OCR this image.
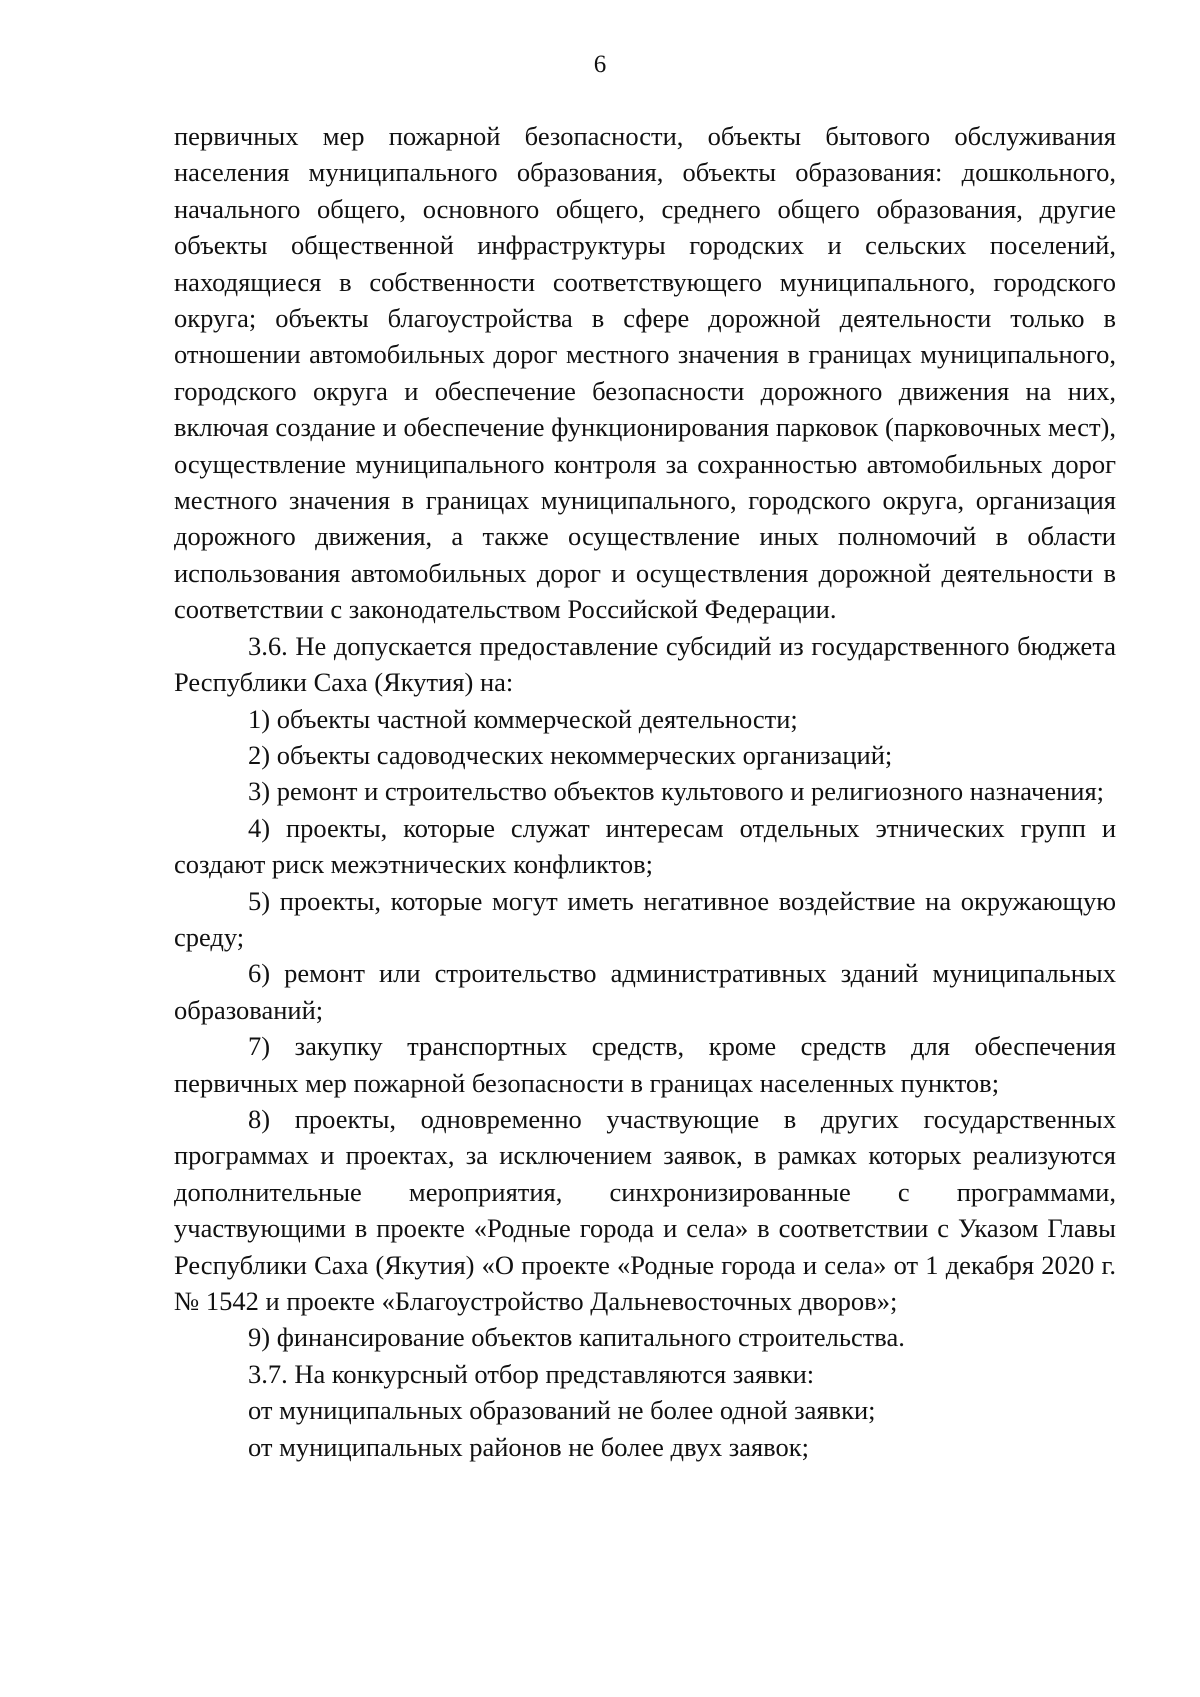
6

первичных мер пожарной безопасности, объекты бытового обслуживания населения муниципального образования, объекты образования: дошкольного, начального общего, основного общего, среднего общего образования, другие объекты общественной инфраструктуры городских и сельских поселений, находящиеся в собственности соответствующего муниципального, городского округа; объекты благоустройства в сфере дорожной деятельности только в отношении автомобильных дорог местного значения в границах муниципального, городского округа и обеспечение безопасности дорожного движения на них, включая создание и обеспечение функционирования парковок (парковочных мест), осуществление муниципального контроля за сохранностью автомобильных дорог местного значения в границах муниципального, городского округа, организация дорожного движения, а также осуществление иных полномочий в области использования автомобильных дорог и осуществления дорожной деятельности в соответствии с законодательством Российской Федерации.

3.6. Не допускается предоставление субсидий из государственного бюджета Республики Саха (Якутия) на:

1) объекты частной коммерческой деятельности;

2) объекты садоводческих некоммерческих организаций;

3) ремонт и строительство объектов культового и религиозного назначения;

4) проекты, которые служат интересам отдельных этнических групп и создают риск межэтнических конфликтов;

5) проекты, которые могут иметь негативное воздействие на окружающую среду;

6) ремонт или строительство административных зданий муниципальных образований;

7) закупку транспортных средств, кроме средств для обеспечения первичных мер пожарной безопасности в границах населенных пунктов;

8) проекты, одновременно участвующие в других государственных программах и проектах, за исключением заявок, в рамках которых реализуются дополнительные мероприятия, синхронизированные с программами, участвующими в проекте «Родные города и села» в соответствии с Указом Главы Республики Саха (Якутия) «О проекте «Родные города и села» от 1 декабря 2020 г. № 1542 и проекте «Благоустройство Дальневосточных дворов»;

9) финансирование объектов капитального строительства.

3.7. На конкурсный отбор представляются заявки:

от муниципальных образований не более одной заявки;

от муниципальных районов не более двух заявок;
